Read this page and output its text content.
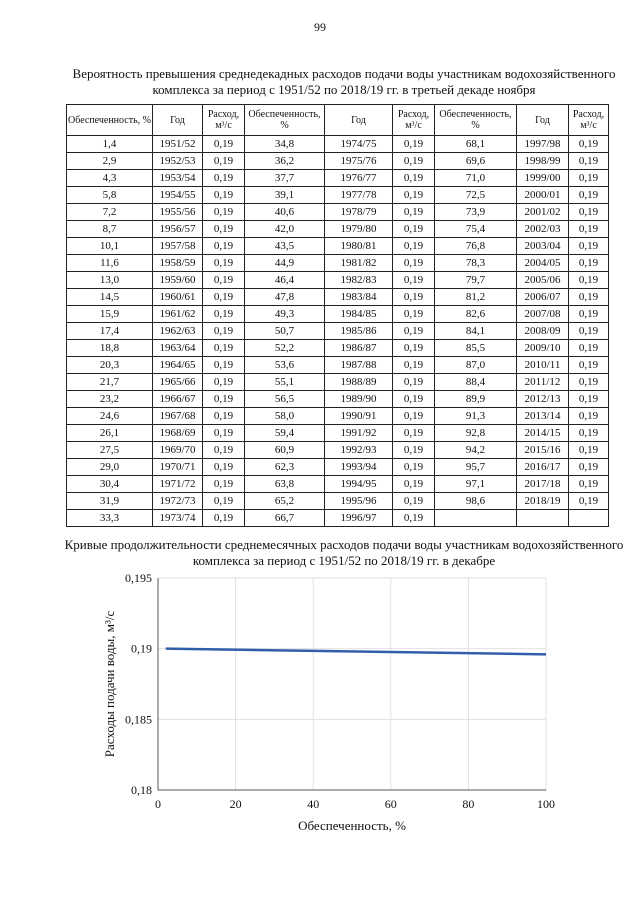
99
Вероятность превышения среднедекадных расходов подачи воды участникам водохозяйственного комплекса за период с 1951/52 по 2018/19 гг. в третьей декаде ноября
Обеспеченность, %	Год	Расход, м³/с	Обеспеченность, %	Год	Расход, м³/с	Обеспеченность, %	Год	Расход, м³/с
1,4	1951/52	0,19	34,8	1974/75	0,19	68,1	1997/98	0,19
2,9	1952/53	0,19	36,2	1975/76	0,19	69,6	1998/99	0,19
4,3	1953/54	0,19	37,7	1976/77	0,19	71,0	1999/00	0,19
5,8	1954/55	0,19	39,1	1977/78	0,19	72,5	2000/01	0,19
7,2	1955/56	0,19	40,6	1978/79	0,19	73,9	2001/02	0,19
8,7	1956/57	0,19	42,0	1979/80	0,19	75,4	2002/03	0,19
10,1	1957/58	0,19	43,5	1980/81	0,19	76,8	2003/04	0,19
11,6	1958/59	0,19	44,9	1981/82	0,19	78,3	2004/05	0,19
13,0	1959/60	0,19	46,4	1982/83	0,19	79,7	2005/06	0,19
14,5	1960/61	0,19	47,8	1983/84	0,19	81,2	2006/07	0,19
15,9	1961/62	0,19	49,3	1984/85	0,19	82,6	2007/08	0,19
17,4	1962/63	0,19	50,7	1985/86	0,19	84,1	2008/09	0,19
18,8	1963/64	0,19	52,2	1986/87	0,19	85,5	2009/10	0,19
20,3	1964/65	0,19	53,6	1987/88	0,19	87,0	2010/11	0,19
21,7	1965/66	0,19	55,1	1988/89	0,19	88,4	2011/12	0,19
23,2	1966/67	0,19	56,5	1989/90	0,19	89,9	2012/13	0,19
24,6	1967/68	0,19	58,0	1990/91	0,19	91,3	2013/14	0,19
26,1	1968/69	0,19	59,4	1991/92	0,19	92,8	2014/15	0,19
27,5	1969/70	0,19	60,9	1992/93	0,19	94,2	2015/16	0,19
29,0	1970/71	0,19	62,3	1993/94	0,19	95,7	2016/17	0,19
30,4	1971/72	0,19	63,8	1994/95	0,19	97,1	2017/18	0,19
31,9	1972/73	0,19	65,2	1995/96	0,19	98,6	2018/19	0,19
33,3	1973/74	0,19	66,7	1996/97	0,19			
Кривые продолжительности среднемесячных расходов подачи воды участникам водохозяйственного комплекса за период с 1951/52 по 2018/19 гг. в декабре
0	20	40	60	80	100
0,18
0,185
0,19
0,195
Обеспеченность, %
Расходы подачи воды, м³/с
